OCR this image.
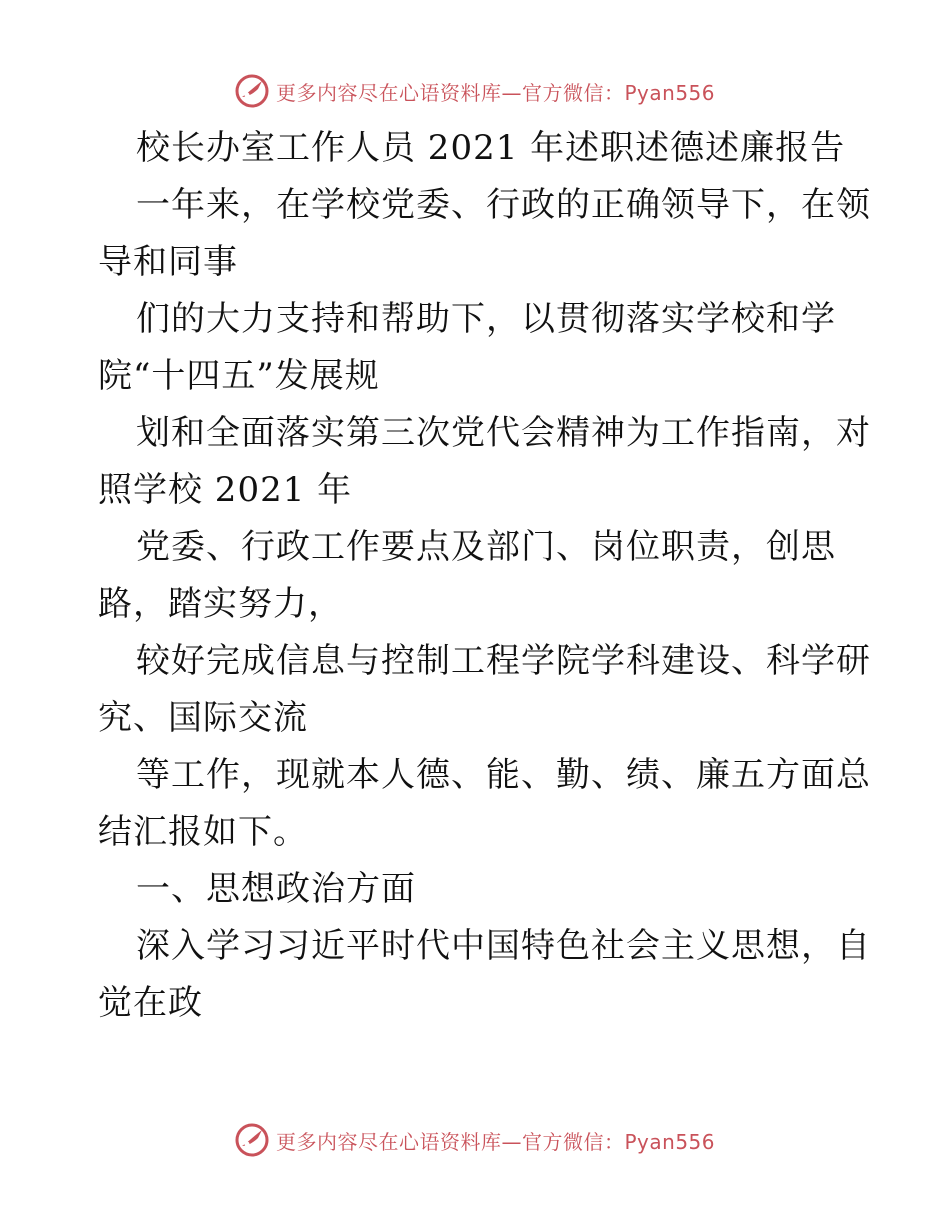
更多内容尽在心语资料库—官方微信：Pyan556
校长办室工作人员 2021 年述职述德述廉报告
一年来，在学校党委、行政的正确领导下，在领
导和同事
们的大力支持和帮助下，以贯彻落实学校和学
院“十四五”发展规
划和全面落实第三次党代会精神为工作指南，对
照学校 2021 年
党委、行政工作要点及部门、岗位职责，创思
路，踏实努力，
较好完成信息与控制工程学院学科建设、科学研
究、国际交流
等工作，现就本人德、能、勤、绩、廉五方面总
结汇报如下。
一、思想政治方面
深入学习习近平时代中国特色社会主义思想，自
觉在政
更多内容尽在心语资料库—官方微信：Pyan556
